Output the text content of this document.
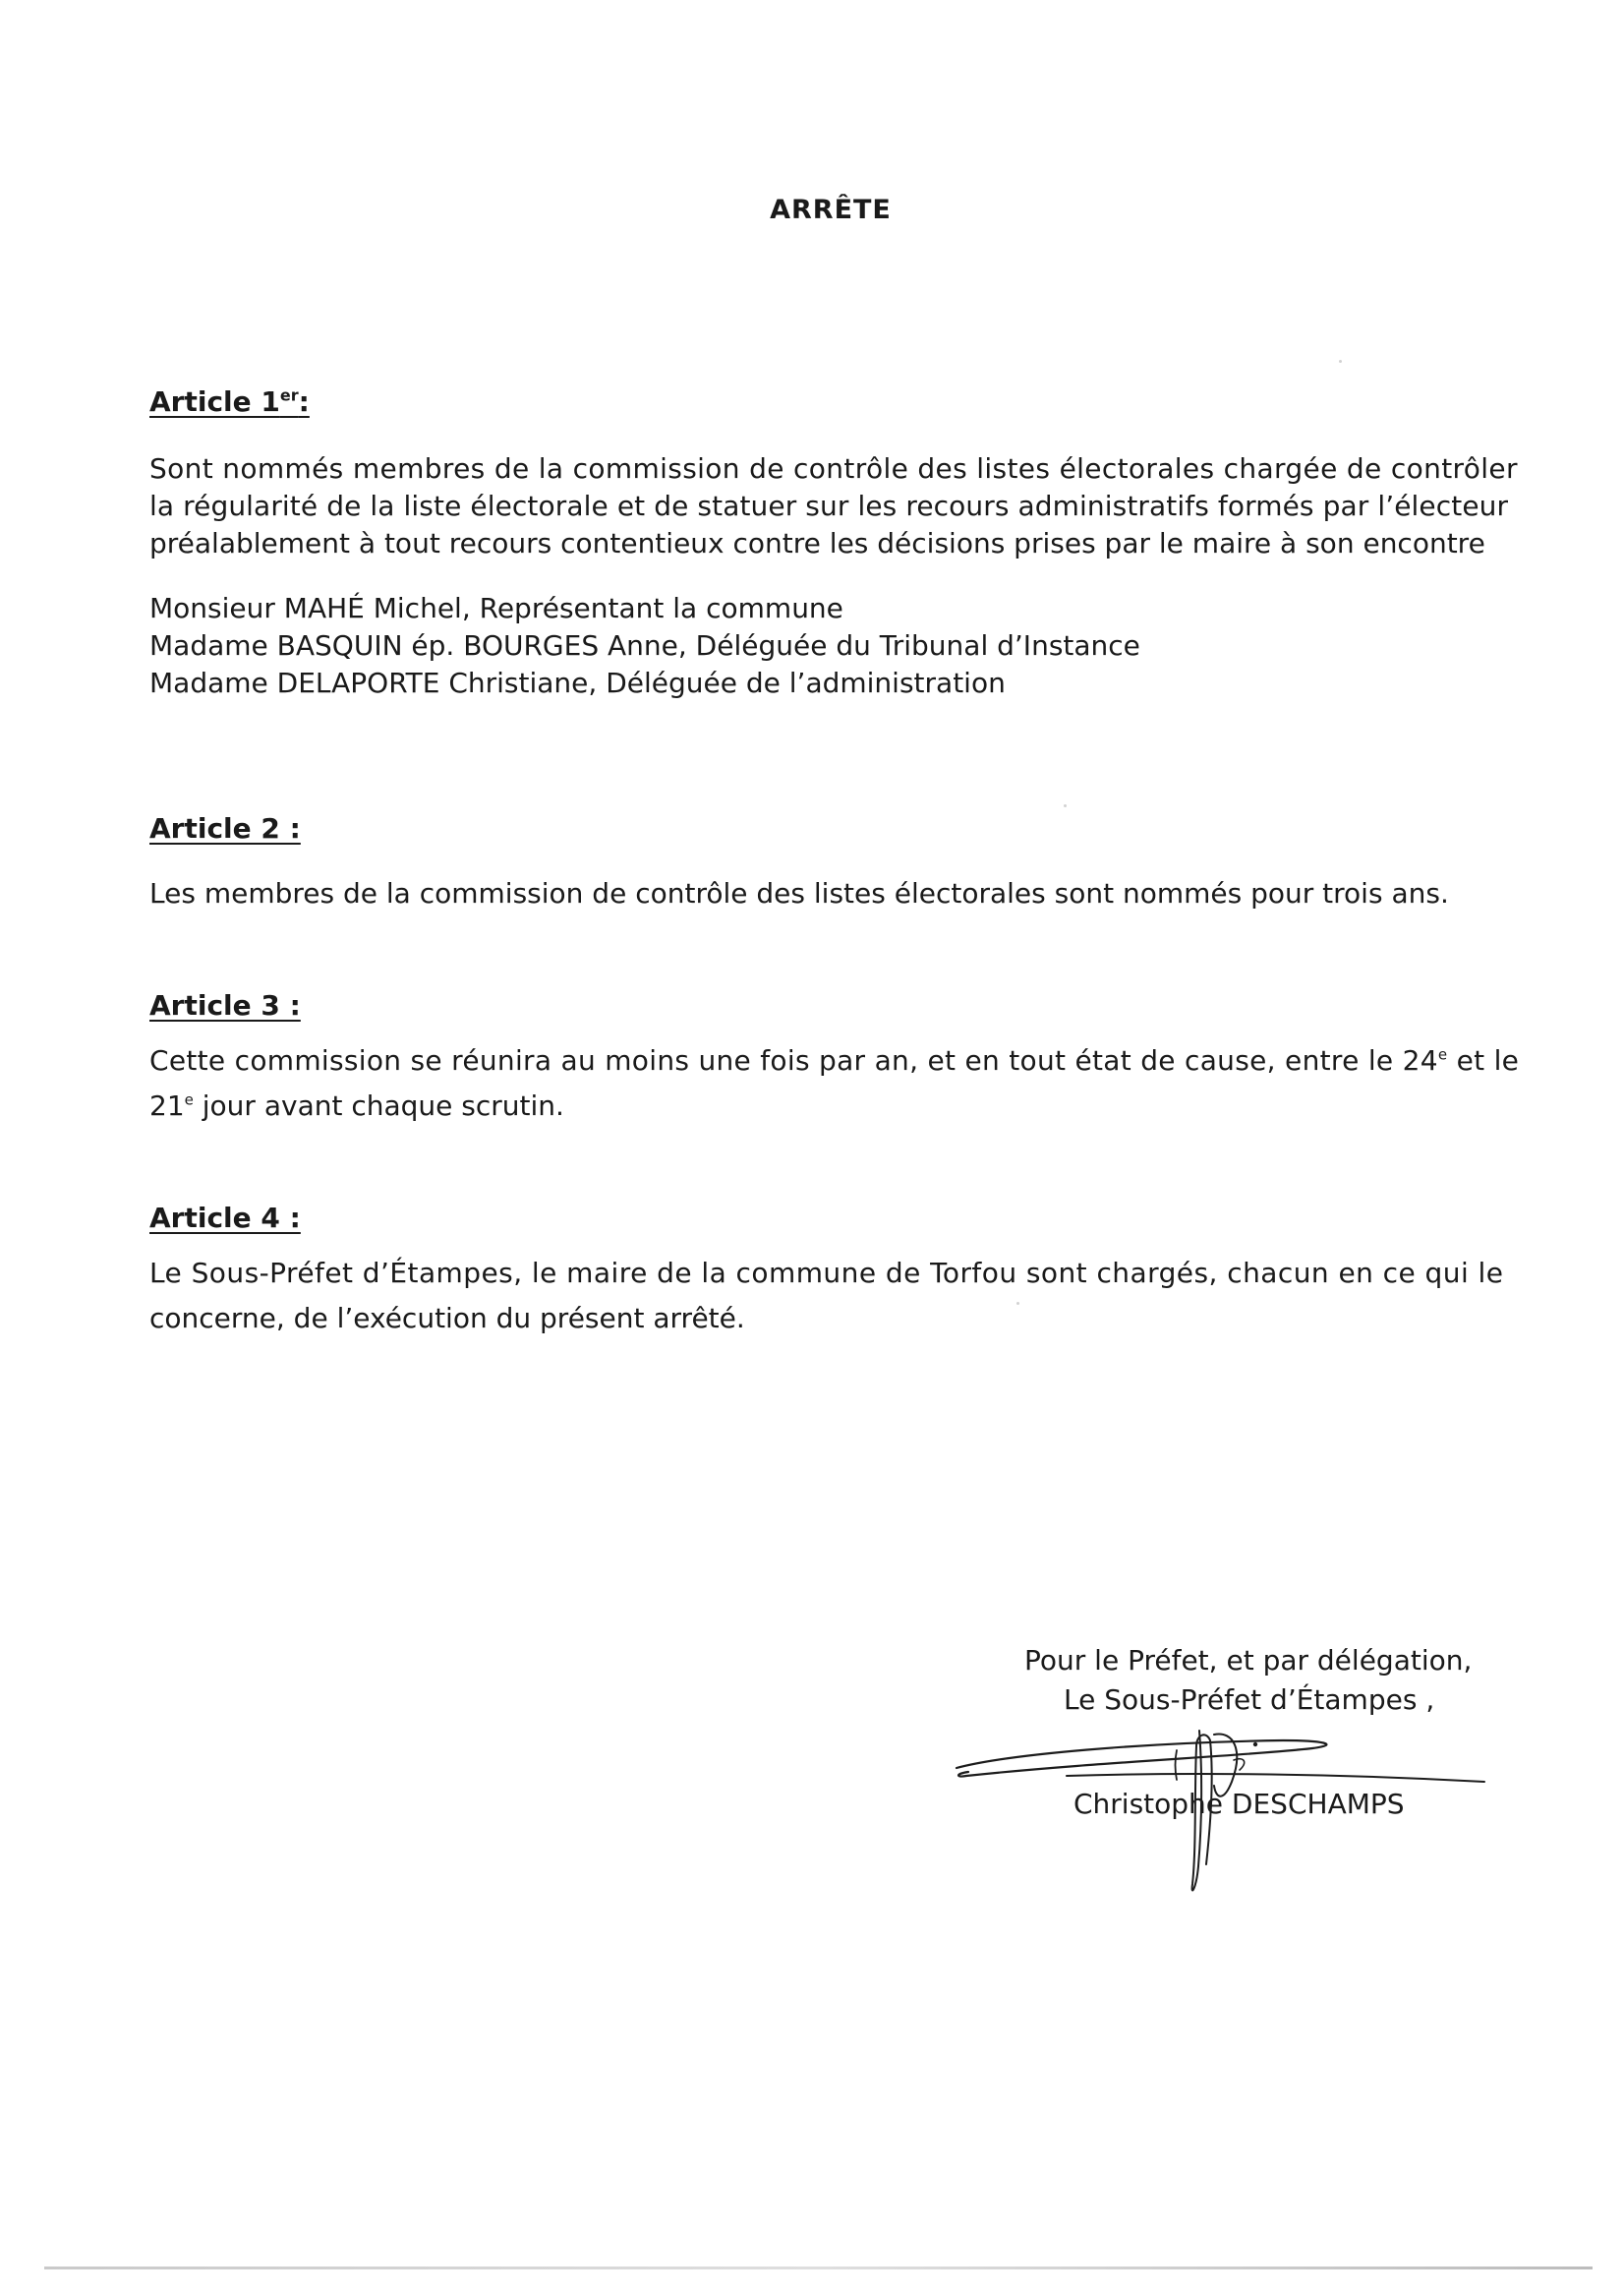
ARRÊTE
Article 1er:
Sont nommés membres de la commission de contrôle des listes électorales chargée de contrôler
la régularité de la liste électorale et de statuer sur les recours administratifs formés par l’électeur
préalablement à tout recours contentieux contre les décisions prises par le maire à son encontre
Monsieur MAHÉ Michel, Représentant la commune
Madame BASQUIN ép. BOURGES Anne, Déléguée du Tribunal d’Instance
Madame DELAPORTE Christiane, Déléguée de l’administration
Article 2 :
Les membres de la commission de contrôle des listes électorales sont nommés pour trois ans.
Article 3 :
Cette commission se réunira au moins une fois par an, et en tout état de cause, entre le 24e et le
21e jour avant chaque scrutin.
Article 4 :
Le Sous-Préfet d’Étampes, le maire de la commune de Torfou sont chargés, chacun en ce qui le
concerne, de l’exécution du présent arrêté.
Pour le Préfet, et par délégation,
Le Sous-Préfet d’Étampes ,
Christophe DESCHAMPS
